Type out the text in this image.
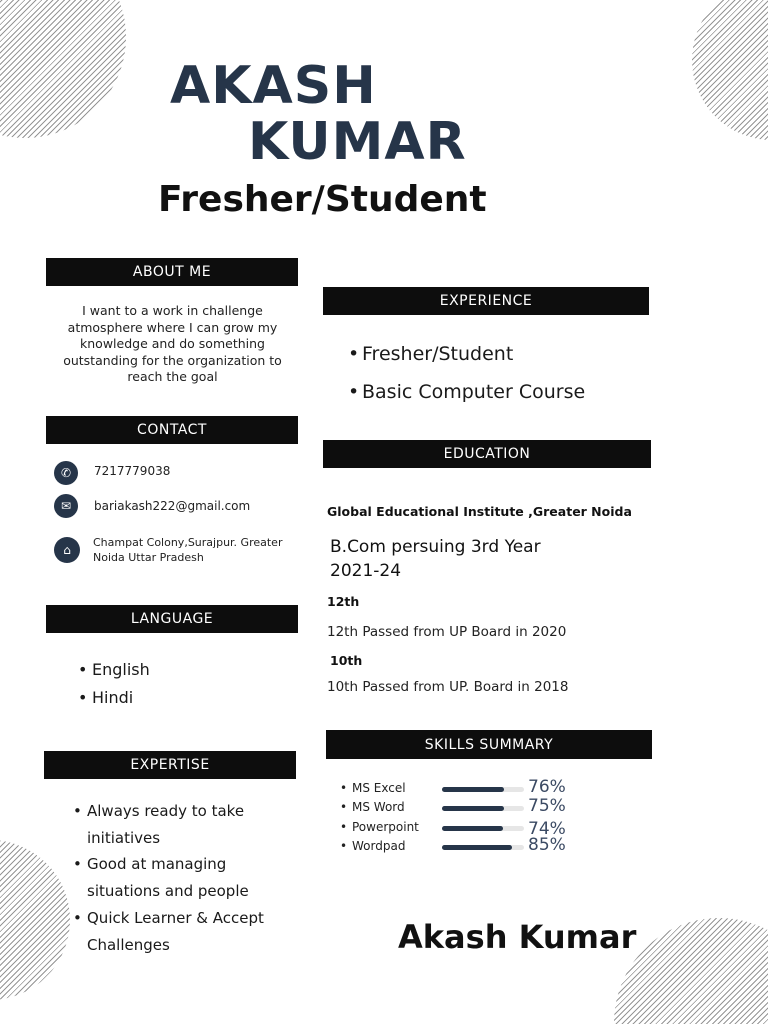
AKASH
KUMAR
Fresher/Student
ABOUT ME
I want to a work in challenge atmosphere where I can grow my knowledge and do something outstanding for the organization to reach the goal
CONTACT
✆	7217779038
✉	bariakash222@gmail.com
⌂
Champat Colony,Surajpur. Greater
Noida Uttar Pradesh
LANGUAGE
• English
• Hindi
EXPERTISE
• Always ready to take
initiatives
• Good at managing
situations and people
• Quick Learner & Accept
Challenges
EXPERIENCE
• Fresher/Student
• Basic Computer Course
EDUCATION
Global Educational Institute ,Greater Noida
B.Com persuing 3rd Year
2021-24
12th
12th Passed from UP Board in 2020
10th
10th Passed from UP. Board in 2018
SKILLS SUMMARY
• MS Excel	76%
• MS Word	75%
• Powerpoint	74%
• Wordpad	85%
Akash Kumar
